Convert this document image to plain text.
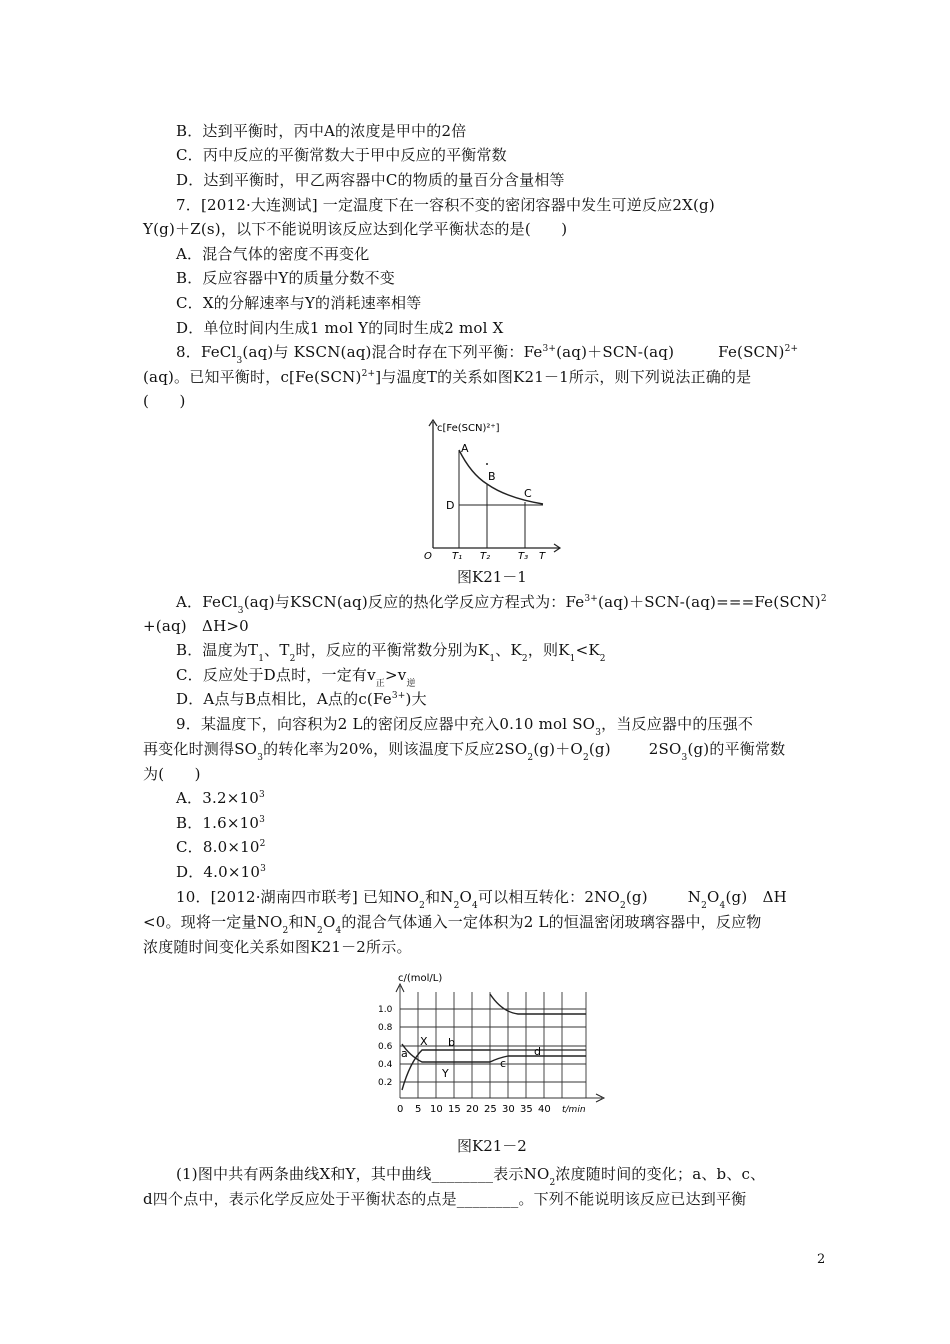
B．达到平衡时，丙中A的浓度是甲中的2倍
C．丙中反应的平衡常数大于甲中反应的平衡常数
D．达到平衡时，甲乙两容器中C的物质的量百分含量相等
7．[2012·大连测试] 一定温度下在一容积不变的密闭容器中发生可逆反应2X(g)
Y(g)＋Z(s)，以下不能说明该反应达到化学平衡状态的是(　　)
A．混合气体的密度不再变化
B．反应容器中Y的质量分数不变
C．X的分解速率与Y的消耗速率相等
D．单位时间内生成1 mol Y的同时生成2 mol X
8．FeCl$_3$(aq)与 KSCN(aq)混合时存在下列平衡：$Fe^{3+}(aq)+SCN-(aq)$	Fe(SCN)$^{2+}$
(aq)。已知平衡时，c[Fe(SCN)$^{2+}$]与温度T的关系如图K21－1所示，则下列说法正确的是
(　　)
c[Fe(SCN)²⁺]
A
B
C
D
O T₁ T₂	T₃ T
图K21－1
A．FeCl$_3$(aq)与KSCN(aq)反应的热化学反应方程式为：$Fe^{3+}(aq)+SCN-(aq)===Fe(SCN)^2$
+(aq)　ΔH>0
B．温度为$T_1$、$T_2$时，反应的平衡常数分别为$K_1$、$K_2$，则$K_1<K_2$
C．反应处于D点时，一定有$v_正>v_逆$
D．A点与B点相比，A点的$c(Fe^{3+})$大
9．某温度下，向容积为2 L的密闭反应器中充入0.10 mol $SO_3$，当反应器中的压强不
再变化时测得$SO_3$的转化率为20%，则该温度下反应$2SO_2(g)+O_2(g)$	$2SO_3(g)$的平衡常数
为(　　)
A．$3.2\times 10^3$
B．$1.6\times 10^3$
C．$8.0\times 10^2$
D．$4.0\times 10^3$
10．[2012·湖南四市联考] 已知$NO_2$和$N_2O_4$可以相互转化：$2NO_2(g)$	$N_2O_4(g)$　ΔH
<0。现将一定量$NO_2$和$N_2O_4$的混合气体通入一定体积为2 L的恒温密闭玻璃容器中，反应物
浓度随时间变化关系如图K21－2所示。
c/(mol/L)
1.0
0.8
0.6
0.4
0.2
0 5 10 15 20 25 30 35 40 t/min
X
Y
a
b
c
d
图K21－2
(1)图中共有两条曲线X和Y，其中曲线________表示$NO_2$浓度随时间的变化；a、b、c、
d四个点中，表示化学反应处于平衡状态的点是________。下列不能说明该反应已达到平衡
2
